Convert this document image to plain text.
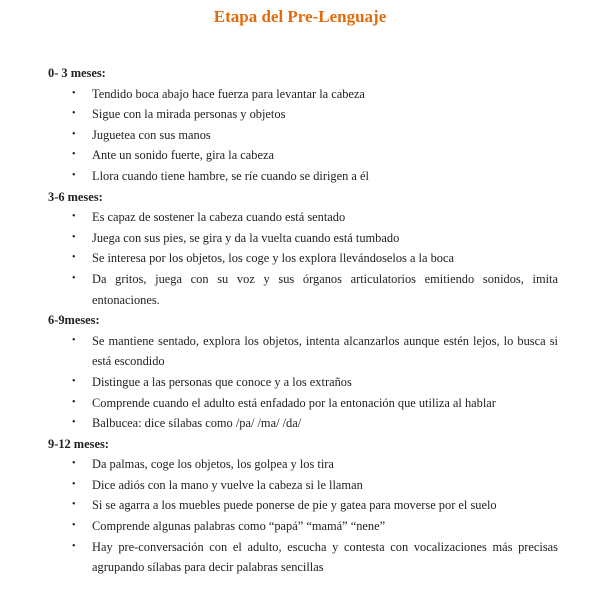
Etapa del Pre-Lenguaje

0- 3 meses:

• Tendido boca abajo hace fuerza para levantar la cabeza
• Sigue con la mirada personas y objetos
• Juguetea con sus manos
• Ante un sonido fuerte, gira la cabeza
• Llora cuando tiene hambre, se ríe cuando se dirigen a él

3-6 meses:

• Es capaz de sostener la cabeza cuando está sentado
• Juega con sus pies, se gira y da la vuelta cuando está tumbado
• Se interesa por los objetos, los coge y los explora llevándoselos a la boca
• Da gritos, juega con su voz y sus órganos articulatorios emitiendo sonidos, imita entonaciones.

6-9meses:

• Se mantiene sentado, explora los objetos, intenta alcanzarlos aunque estén lejos, lo busca si está escondido
• Distingue a las personas que conoce y a los extraños
• Comprende cuando el adulto está enfadado por la entonación que utiliza al hablar
• Balbucea: dice sílabas como /pa/ /ma/ /da/

9-12 meses:

• Da palmas, coge los objetos, los golpea y los tira
• Dice adiós con la mano y vuelve la cabeza si le llaman
• Si se agarra a los muebles puede ponerse de pie y gatea para moverse por el suelo
• Comprende algunas palabras como “papá” “mamá” “nene”
• Hay pre-conversación con el adulto, escucha y contesta con vocalizaciones más precisas agrupando sílabas para decir palabras sencillas
